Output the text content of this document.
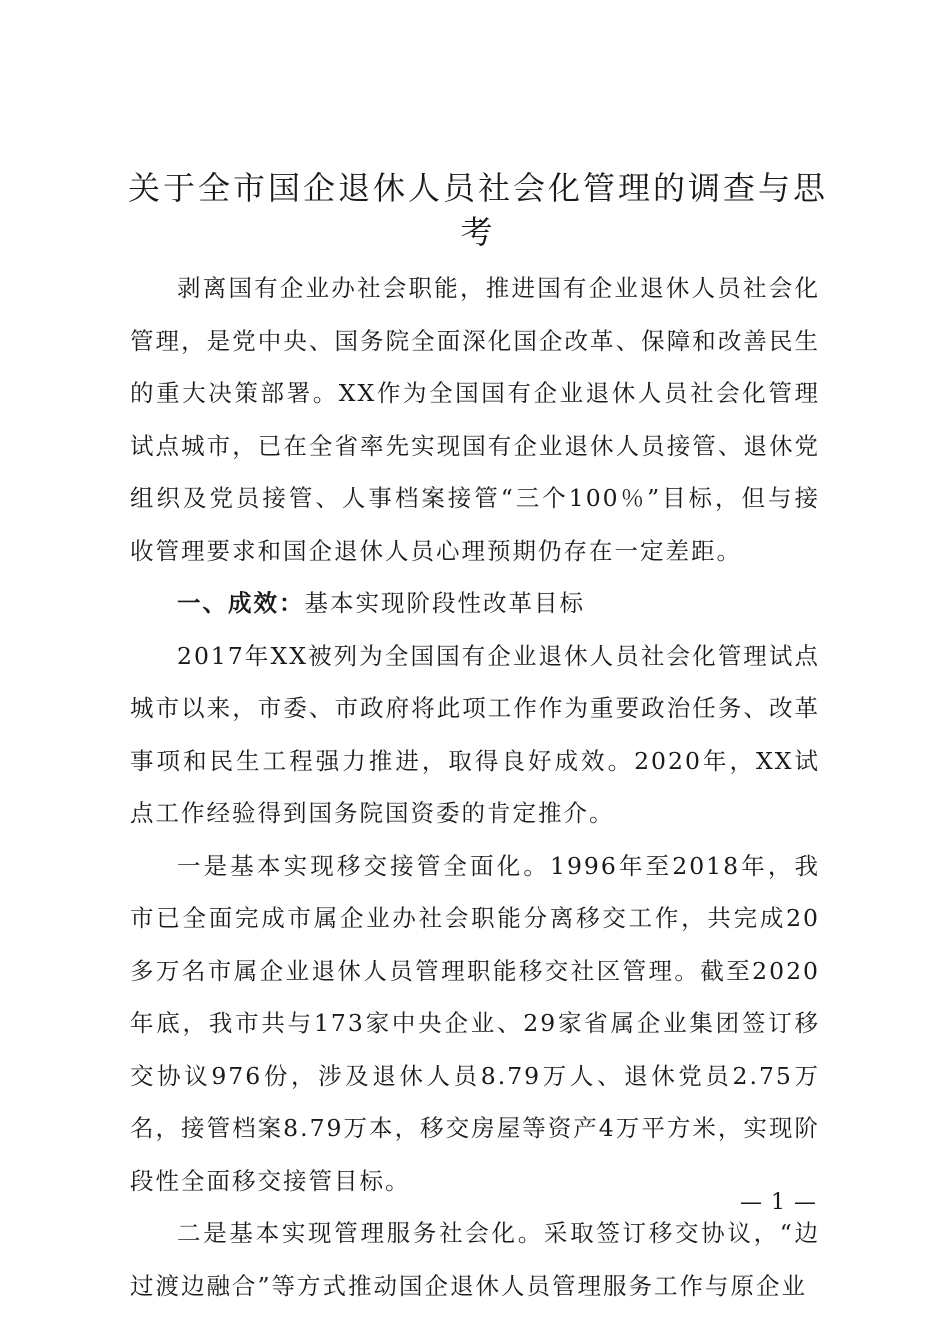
关于全市国企退休人员社会化管理的调查与思考

剥离国有企业办社会职能，推进国有企业退休人员社会化管理，是党中央、国务院全面深化国企改革、保障和改善民生的重大决策部署。XX作为全国国有企业退休人员社会化管理试点城市，已在全省率先实现国有企业退休人员接管、退休党组织及党员接管、人事档案接管“三个100％”目标，但与接收管理要求和国企退休人员心理预期仍存在一定差距。

一、成效：基本实现阶段性改革目标

2017年XX被列为全国国有企业退休人员社会化管理试点城市以来，市委、市政府将此项工作作为重要政治任务、改革事项和民生工程强力推进，取得良好成效。2020年，XX试点工作经验得到国务院国资委的肯定推介。

一是基本实现移交接管全面化。1996年至2018年，我市已全面完成市属企业办社会职能分离移交工作，共完成20多万名市属企业退休人员管理职能移交社区管理。截至2020年底，我市共与173家中央企业、29家省属企业集团签订移交协议976份，涉及退休人员8.79万人、退休党员2.75万名，接管档案8.79万本，移交房屋等资产4万平方米，实现阶段性全面移交接管目标。

二是基本实现管理服务社会化。采取签订移交协议，“边过渡边融合”等方式推动国企退休人员管理服务工作与原企业

— 1 —
